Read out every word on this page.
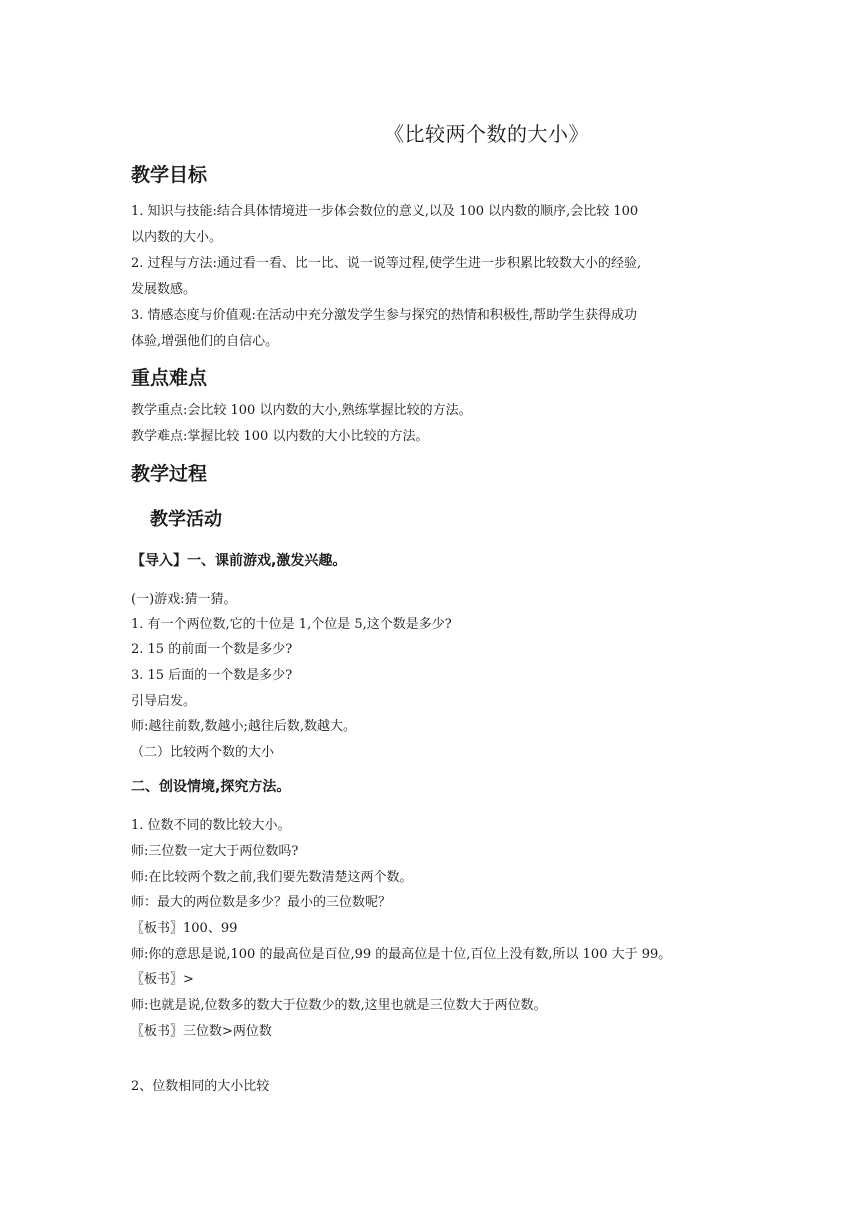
《比较两个数的大小》
教学目标
1. 知识与技能:结合具体情境进一步体会数位的意义,以及 100 以内数的顺序,会比较 100
以内数的大小。
2. 过程与方法:通过看一看、比一比、说一说等过程,使学生进一步积累比较数大小的经验,
发展数感。
3. 情感态度与价值观:在活动中充分激发学生参与探究的热情和积极性,帮助学生获得成功
体验,增强他们的自信心。
重点难点
教学重点:会比较 100 以内数的大小,熟练掌握比较的方法。
教学难点:掌握比较 100 以内数的大小比较的方法。
教学过程
教学活动
【导入】一、课前游戏,激发兴趣。
(一)游戏:猜一猜。
1. 有一个两位数,它的十位是 1,个位是 5,这个数是多少?
2. 15 的前面一个数是多少?
3. 15 后面的一个数是多少?
引导启发。
师:越往前数,数越小;越往后数,数越大。
（二）比较两个数的大小
二、创设情境,探究方法。
1. 位数不同的数比较大小。
师:三位数一定大于两位数吗?
师:在比较两个数之前,我们要先数清楚这两个数。
师：最大的两位数是多少？最小的三位数呢？
〖板书〗100、99
师:你的意思是说,100 的最高位是百位,99 的最高位是十位,百位上没有数,所以 100 大于 99。
〖板书〗>
师:也就是说,位数多的数大于位数少的数,这里也就是三位数大于两位数。
〖板书〗三位数>两位数
2、位数相同的大小比较
